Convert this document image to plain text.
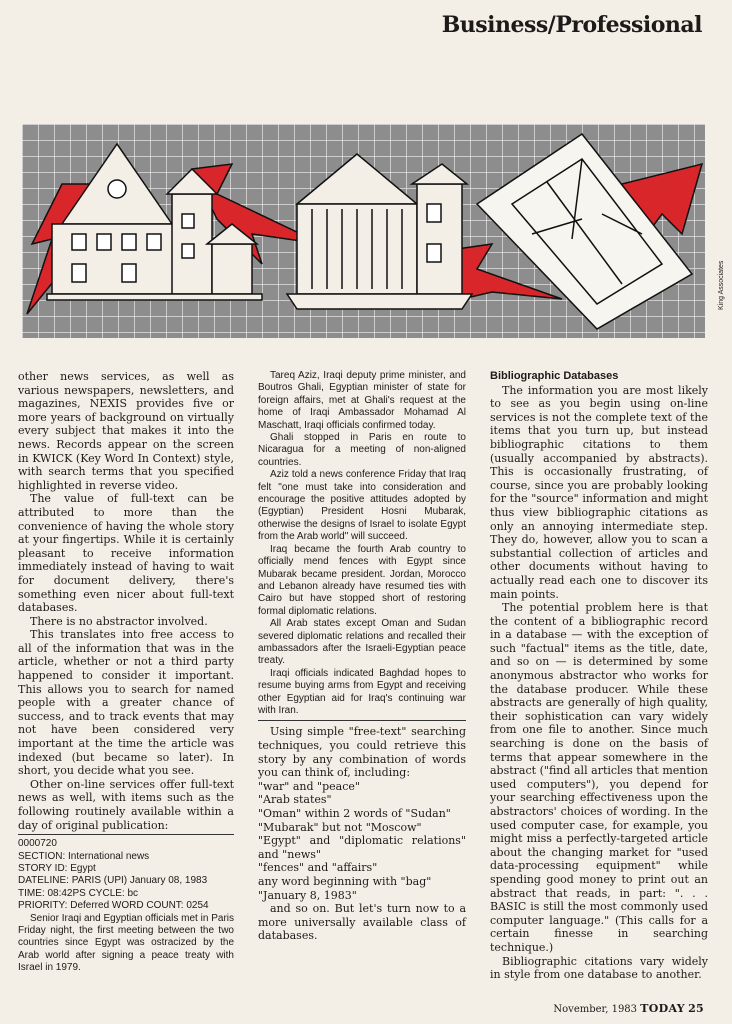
Business/Professional
King Associates

other news services, as well as various newspapers, newsletters, and magazines, NEXIS provides five or more years of background on virtually every subject that makes it into the news. Records appear on the screen in KWICK (Key Word In Context) style, with search terms that you specified highlighted in reverse video.

The value of full-text can be attributed to more than the convenience of having the whole story at your fingertips. While it is certainly pleasant to receive information immediately instead of having to wait for document delivery, there's something even nicer about full-text databases.

There is no abstractor involved.

This translates into free access to all of the information that was in the article, whether or not a third party happened to consider it important. This allows you to search for named people with a greater chance of success, and to track events that may not have been considered very important at the time the article was indexed (but became so later). In short, you decide what you see.

Other on-line services offer full-text news as well, with items such as the following routinely available within a day of original publication:

0000720
SECTION: International news
STORY ID: Egypt
DATELINE: PARIS (UPI) January 08, 1983
TIME: 08:42PS CYCLE: bc
PRIORITY: Deferred WORD COUNT: 0254

Senior Iraqi and Egyptian officials met in Paris Friday night, the first meeting between the two countries since Egypt was ostracized by the Arab world after signing a peace treaty with Israel in 1979.

Tareq Aziz, Iraqi deputy prime minister, and Boutros Ghali, Egyptian minister of state for foreign affairs, met at Ghali's request at the home of Iraqi Ambassador Mohamad Al Maschatt, Iraqi officials confirmed today.

Ghali stopped in Paris en route to Nicaragua for a meeting of non-aligned countries.

Aziz told a news conference Friday that Iraq felt "one must take into consideration and encourage the positive attitudes adopted by (Egyptian) President Hosni Mubarak, otherwise the designs of Israel to isolate Egypt from the Arab world" will succeed.

Iraq became the fourth Arab country to officially mend fences with Egypt since Mubarak became president. Jordan, Morocco and Lebanon already have resumed ties with Cairo but have stopped short of restoring formal diplomatic relations.

All Arab states except Oman and Sudan severed diplomatic relations and recalled their ambassadors after the Israeli-Egyptian peace treaty.

Iraqi officials indicated Baghdad hopes to resume buying arms from Egypt and receiving other Egyptian aid for Iraq's continuing war with Iran.

Using simple "free-text" searching techniques, you could retrieve this story by any combination of words you can think of, including:

"war" and "peace"
"Arab states"
"Oman" within 2 words of "Sudan"
"Mubarak" but not "Moscow"
"Egypt" and "diplomatic relations" and "news"
"fences" and "affairs"
any word beginning with "bag"
"January 8, 1983"

and so on. But let's turn now to a more universally available class of databases.

Bibliographic Databases

The information you are most likely to see as you begin using on-line services is not the complete text of the items that you turn up, but instead bibliographic citations to them (usually accompanied by abstracts). This is occasionally frustrating, of course, since you are probably looking for the "source" information and might thus view bibliographic citations as only an annoying intermediate step. They do, however, allow you to scan a substantial collection of articles and other documents without having to actually read each one to discover its main points.

The potential problem here is that the content of a bibliographic record in a database — with the exception of such "factual" items as the title, date, and so on — is determined by some anonymous abstractor who works for the database producer. While these abstracts are generally of high quality, their sophistication can vary widely from one file to another. Since much searching is done on the basis of terms that appear somewhere in the abstract ("find all articles that mention used computers"), you depend for your searching effectiveness upon the abstractors' choices of wording. In the used computer case, for example, you might miss a perfectly-targeted article about the changing market for "used data-processing equipment" while spending good money to print out an abstract that reads, in part: ". . . BASIC is still the most commonly used computer language." (This calls for a certain finesse in searching technique.)

Bibliographic citations vary widely in style from one database to another.

November, 1983 TODAY 25
